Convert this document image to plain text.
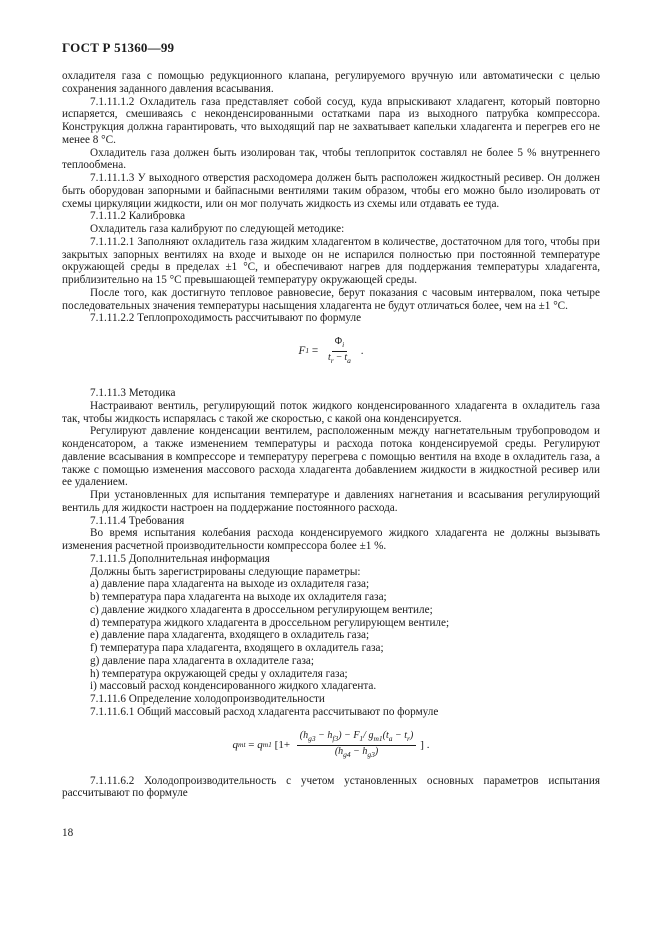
ГОСТ Р 51360—99

охладителя газа с помощью редукционного клапана, регулируемого вручную или автоматически с целью сохранения заданного давления всасывания.

7.1.11.1.2 Охладитель газа представляет собой сосуд, куда впрыскивают хладагент, который повторно испаряется, смешиваясь с неконденсированными остатками пара из выходного патрубка компрессора. Конструкция должна гарантировать, что выходящий пар не захватывает капельки хладагента и перегрев его не менее 8 °С.

Охладитель газа должен быть изолирован так, чтобы теплоприток составлял не более 5 % внутреннего теплообмена.

7.1.11.1.3 У выходного отверстия расходомера должен быть расположен жидкостный ресивер. Он должен быть оборудован запорными и байпасными вентилями таким образом, чтобы его можно было изолировать от схемы циркуляции жидкости, или он мог получать жидкость из схемы или отдавать ее туда.

7.1.11.2 Калибровка

Охладитель газа калибруют по следующей методике:

7.1.11.2.1 Заполняют охладитель газа жидким хладагентом в количестве, достаточном для того, чтобы при закрытых запорных вентилях на входе и выходе он не испарился полностью при постоянной температуре окружающей среды в пределах ±1 °С, и обеспечивают нагрев для поддержания температуры хладагента, приблизительно на 15 °С превышающей температуру окружающей среды.

После того, как достигнуто тепловое равновесие, берут показания с часовым интервалом, пока четыре последовательных значения температуры насыщения хладагента не будут отличаться более, чем на ±1 °С.

7.1.11.2.2 Теплопроходимость рассчитывают по формуле

F $1 = \frac{\Phi_i}{t_r - t_a}$ .

7.1.11.3 Методика

Настраивают вентиль, регулирующий поток жидкого конденсированного хладагента в охладитель газа так, чтобы жидкость испарялась с такой же скоростью, с какой она конденсируется.

Регулируют давление конденсации вентилем, расположенным между нагнетательным трубопроводом и конденсатором, а также изменением температуры и расхода потока конденсируемой среды. Регулируют давление всасывания в компрессоре и температуру перегрева с помощью вентиля на входе в охладитель газа, а также с помощью изменения массового расхода хладагента добавлением жидкости в жидкостной ресивер или ее удалением.

При установленных для испытания температуре и давлениях нагнетания и всасывания регулирующий вентиль для жидкости настроен на поддержание постоянного расхода.

7.1.11.4 Требования

Во время испытания колебания расхода конденсируемого жидкого хладагента не должны вызывать изменения расчетной производительности компрессора более ±1 %.

7.1.11.5 Дополнительная информация

Должны быть зарегистрированы следующие параметры:

a) давление пара хладагента на выходе из охладителя газа;

b) температура пара хладагента на выходе их охладителя газа;

c) давление жидкого хладагента в дроссельном регулирующем вентиле;

d) температура жидкого хладагента в дроссельном регулирующем вентиле;

e) давление пара хладагента, входящего в охладитель газа;

f) температура пара хладагента, входящего в охладитель газа;

g) давление пара хладагента в охладителе газа;

h) температура окружающей среды у охладителя газа;

i) массовый расход конденсированного жидкого хладагента.

7.1.11.6 Определение холодопроизводительности

7.1.11.6.1 Общий массовый расход хладагента рассчитывают по формуле

q mt = q m1 [$1+ \frac{(h_{g3} - h_{f3}) - F_1/ g_{m1}(t_a - t_r)}{(h_{g4} - h_{g3})}$ ] .

7.1.11.6.2 Холодопроизводительность с учетом установленных основных параметров испытания рассчитывают по формуле

18
